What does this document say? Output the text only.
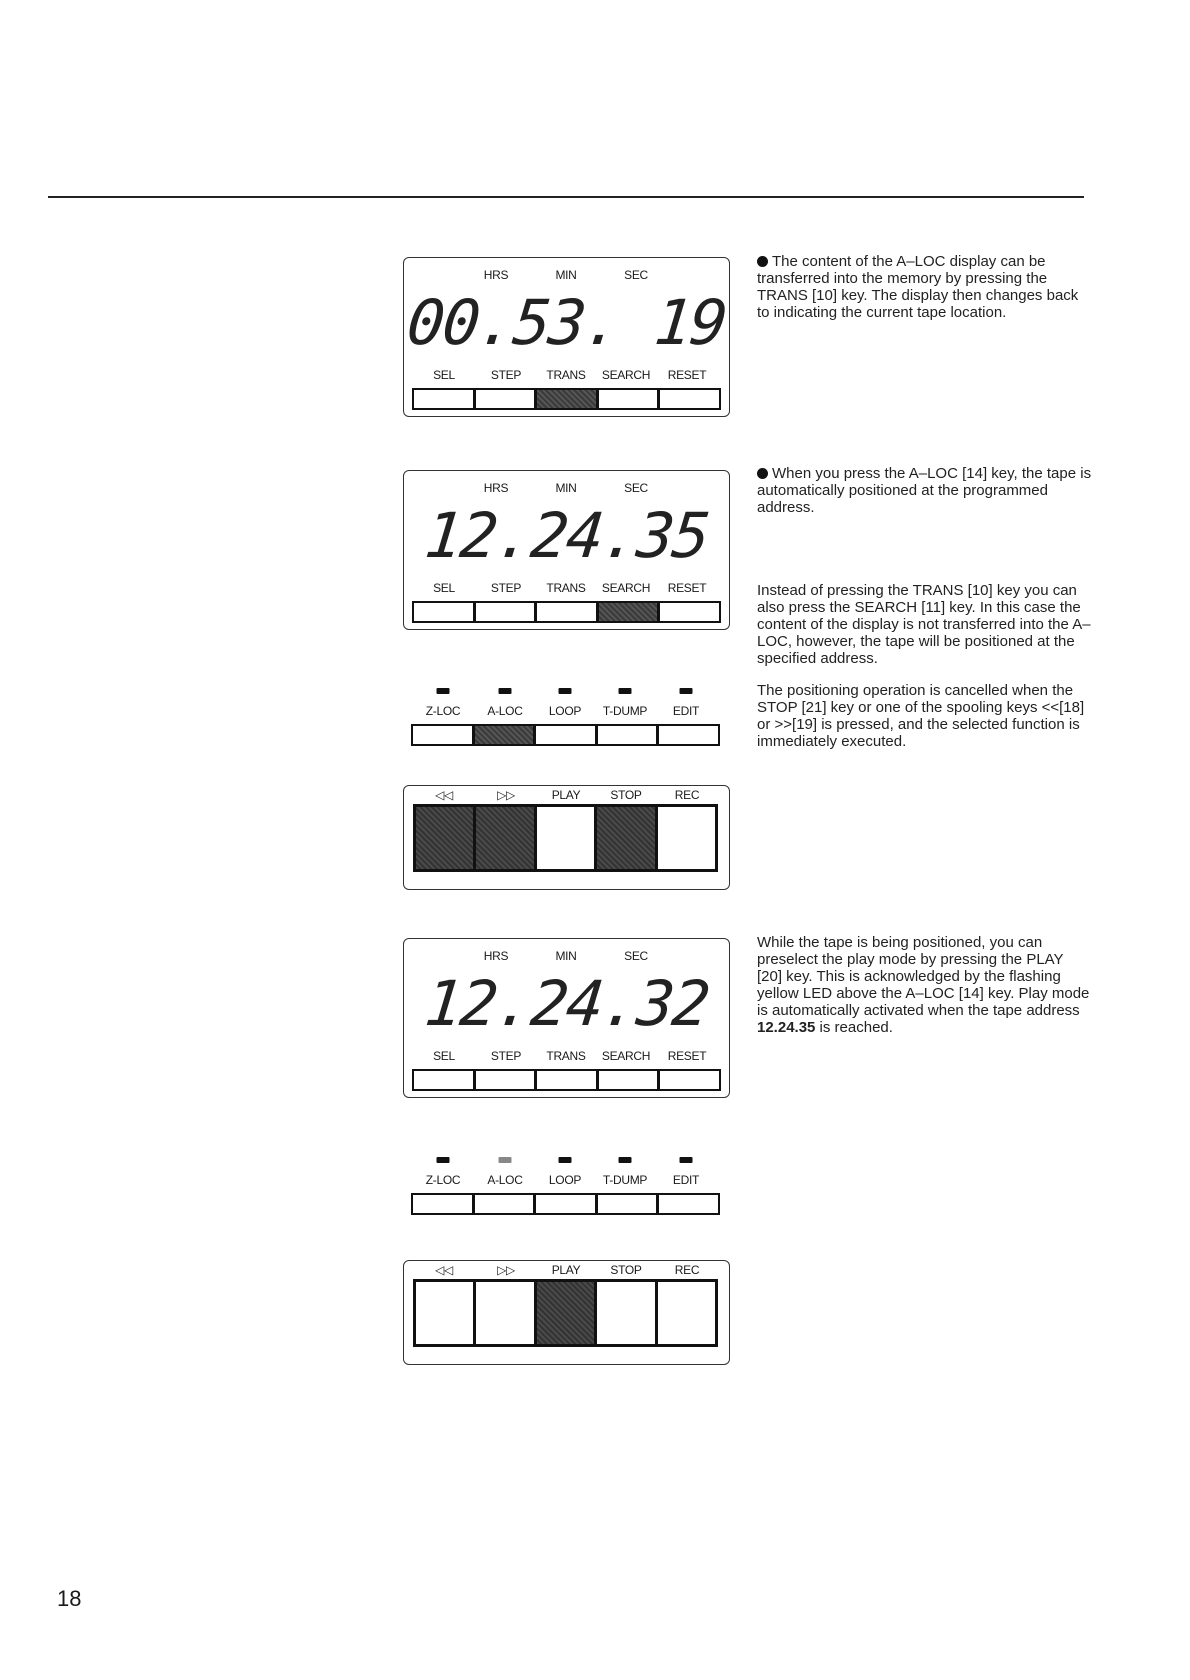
HRS	MIN	SEC
00.53. 19
SEL	STEP TRANS SEARCH RESET
HRS	MIN	SEC
12.24.35
SEL	STEP TRANS SEARCH RESET
Z-LOC A-LOC LOOP T-DUMP EDIT
◁◁	▷▷	PLAY	STOP	REC
HRS	MIN	SEC
12.24.32
SEL	STEP TRANS SEARCH RESET
Z-LOC A-LOC LOOP T-DUMP EDIT
◁◁	▷▷	PLAY	STOP	REC

The content of the A–LOC display can be transferred into the memory by pressing the TRANS [10] key. The display then changes back to indicating the current tape location.

When you press the A–LOC [14] key, the tape is automatically positioned at the programmed address.

Instead of pressing the TRANS [10] key you can also press the SEARCH [11] key. In this case the content of the display is not transferred into the A–LOC, however, the tape will be positioned at the specified address.

The positioning operation is cancelled when the STOP [21] key or one of the spooling keys <<[18] or >>[19] is pressed, and the selected function is immediately executed.

While the tape is being positioned, you can preselect the play mode by pressing the PLAY [20] key. This is acknowledged by the flashing yellow LED above the A–LOC [14] key. Play mode is automatically activated when the tape address 12.24.35 is reached.

18
